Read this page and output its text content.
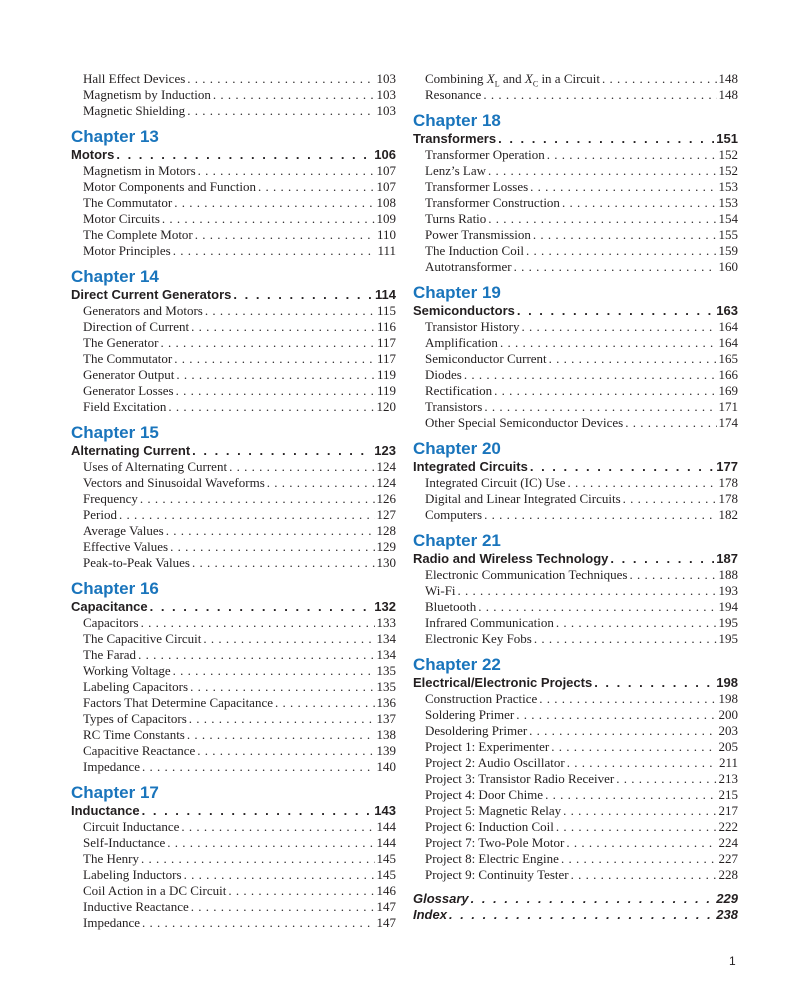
Hall Effect Devices . . .	103
Magnetism by Induction . . .	103
Magnetic Shielding . . .	103
Chapter 13
Motors . . .	106
Magnetism in Motors . . .	107
Motor Components and Function . . .	107
The Commutator . . .	108
Motor Circuits . . .	109
The Complete Motor . . .	110
Motor Principles . . .	111
Chapter 14
Direct Current Generators . . .	114
Generators and Motors . . .	115
Direction of Current . . .	116
The Generator . . .	117
The Commutator . . .	117
Generator Output . . .	119
Generator Losses . . .	119
Field Excitation . . .	120
Chapter 15
Alternating Current . . .	123
Uses of Alternating Current . . .	124
Vectors and Sinusoidal Waveforms . . .	124
Frequency . . .	126
Period . . .	127
Average Values . . .	128
Effective Values . . .	129
Peak-to-Peak Values . . .	130
Chapter 16
Capacitance . . .	132
Capacitors . . .	133
The Capacitive Circuit . . .	134
The Farad . . .	134
Working Voltage . . .	135
Labeling Capacitors . . .	135
Factors That Determine Capacitance . . .	136
Types of Capacitors . . .	137
RC Time Constants . . .	138
Capacitive Reactance . . .	139
Impedance . . .	140
Chapter 17
Inductance . . .	143
Circuit Inductance . . .	144
Self-Inductance . . .	144
The Henry . . .	145
Labeling Inductors . . .	145
Coil Action in a DC Circuit . . .	146
Inductive Reactance . . .	147
Impedance . . .	147
Combining $X_L$ and $X_C$ in a Circuit . . .	148
Resonance . . .	148
Chapter 18
Transformers . . .	151
Transformer Operation . . .	152
Lenz’s Law . . .	152
Transformer Losses . . .	153
Transformer Construction . . .	153
Turns Ratio . . .	154
Power Transmission . . .	155
The Induction Coil . . .	159
Autotransformer . . .	160
Chapter 19
Semiconductors . . .	163
Transistor History . . .	164
Amplification . . .	164
Semiconductor Current . . .	165
Diodes . . .	166
Rectification . . .	169
Transistors . . .	171
Other Special Semiconductor Devices . . .	174
Chapter 20
Integrated Circuits . . .	177
Integrated Circuit (IC) Use . . .	178
Digital and Linear Integrated Circuits . . .	178
Computers . . .	182
Chapter 21
Radio and Wireless Technology . . .	187
Electronic Communication Techniques . . .	188
Wi-Fi . . .	193
Bluetooth . . .	194
Infrared Communication . . .	195
Electronic Key Fobs . . .	195
Chapter 22
Electrical/Electronic Projects . . .	198
Construction Practice . . .	198
Soldering Primer . . .	200
Desoldering Primer . . .	203
Project 1: Experimenter . . .	205
Project 2: Audio Oscillator . . .	211
Project 3: Transistor Radio Receiver . . .	213
Project 4: Door Chime . . .	215
Project 5: Magnetic Relay . . .	217
Project 6: Induction Coil . . .	222
Project 7: Two-Pole Motor . . .	224
Project 8: Electric Engine . . .	227
Project 9: Continuity Tester . . .	228
Glossary . . .	229
Index . . .	238
1
